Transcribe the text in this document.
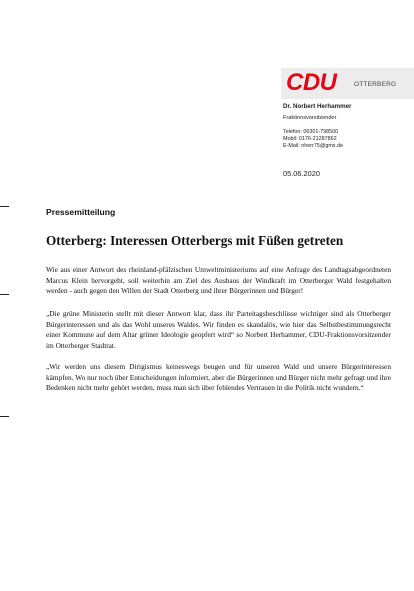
CDU	OTTERBERG
Dr. Norbert Herhammer
Fraktionsvorsitzender
Telefon: 06301-798500
Mobil: 0176-21287862
E-Mail: nherr75@gmx.de
05.06.2020
Pressemitteilung
Otterberg: Interessen Otterbergs mit Füßen getreten

Wie aus einer Antwort des rheinland-pfälzischen Umweltministeriums auf eine Anfrage des Landtagsabgeordneten Marcus Klein hervorgeht, soll weiterhin am Ziel des Ausbaus der Windkraft im Otterberger Wald festgehalten werden - auch gegen den Willen der Stadt Otterberg und ihrer Bürgerinnen und Bürger!

„Die grüne Ministerin stellt mit dieser Antwort klar, dass ihr Parteitagsbeschlüsse wichtiger sind als Otterberger Bürgerinteressen und als das Wohl unseres Waldes. Wir finden es skandalös, wie hier das Selbstbestimmungsrecht einer Kommune auf dem Altar grüner Ideologie geopfert wird“ so Norbert Herhammer, CDU-Fraktionsvorsitzender im Otterberger Stadtrat.

„Wir werden uns diesem Dirigismus keineswegs beugen und für unseren Wald und unsere Bürgerinteressen kämpfen. Wo nur noch über Entscheidungen informiert, aber die Bürgerinnen und Bürger nicht mehr gefragt und ihre Bedenken nicht mehr gehört werden, muss man sich über fehlendes Vertrauen in die Politik nicht wundern.“
